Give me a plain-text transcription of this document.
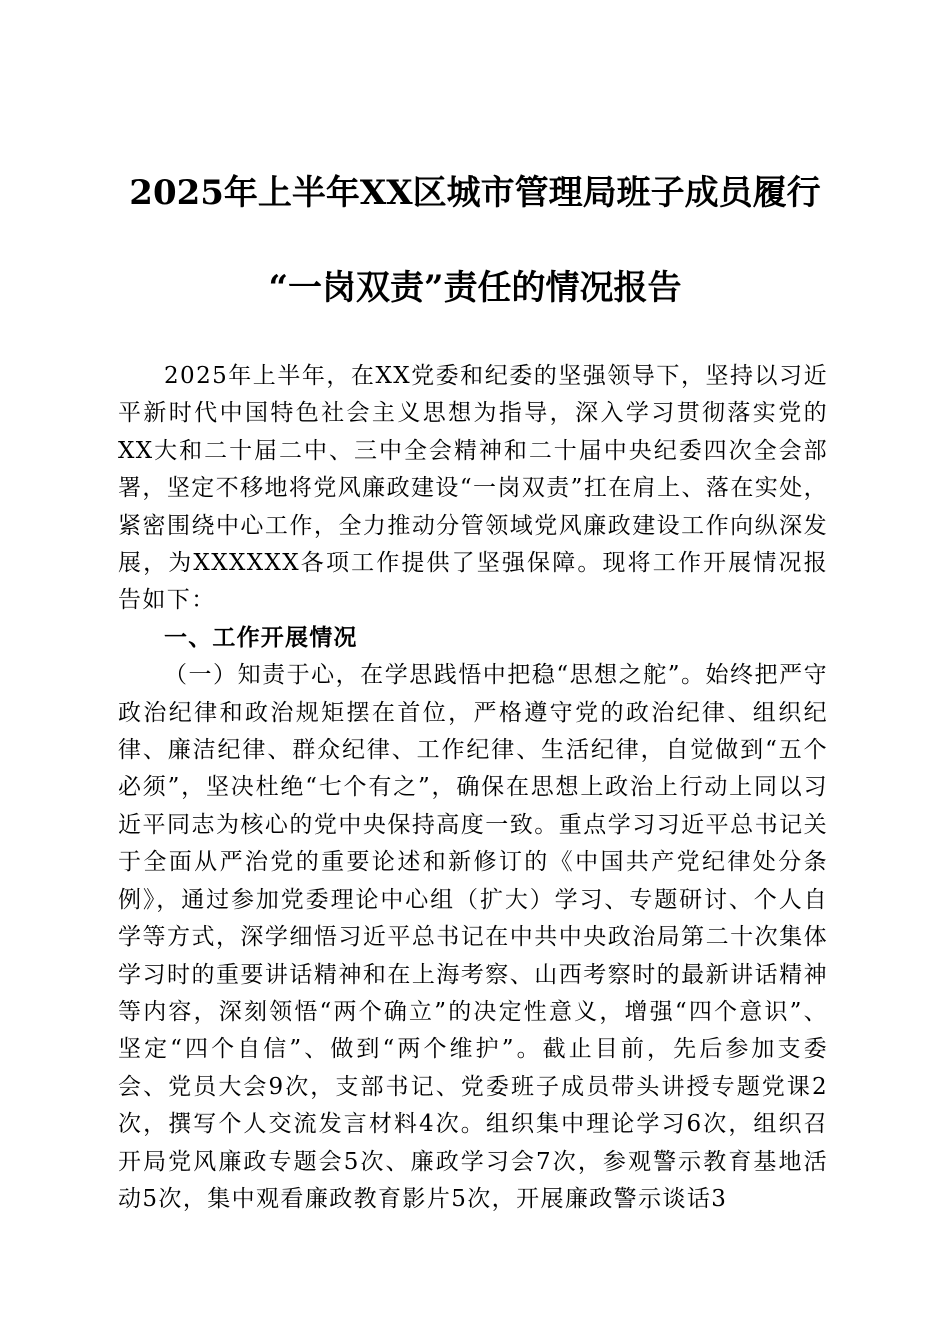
2025年上半年XX区城市管理局班子成员履行
“一岗双责”责任的情况报告

2025年上半年，在XX党委和纪委的坚强领导下，坚持以习近平新时代中国特色社会主义思想为指导，深入学习贯彻落实党的XX大和二十届二中、三中全会精神和二十届中央纪委四次全会部署，坚定不移地将党风廉政建设“一岗双责”扛在肩上、落在实处，紧密围绕中心工作，全力推动分管领域党风廉政建设工作向纵深发展，为XXXXXX各项工作提供了坚强保障。现将工作开展情况报告如下：

一、工作开展情况

（一）知责于心，在学思践悟中把稳“思想之舵”。始终把严守政治纪律和政治规矩摆在首位，严格遵守党的政治纪律、组织纪律、廉洁纪律、群众纪律、工作纪律、生活纪律，自觉做到“五个必须”，坚决杜绝“七个有之”，确保在思想上政治上行动上同以习近平同志为核心的党中央保持高度一致。重点学习习近平总书记关于全面从严治党的重要论述和新修订的《中国共产党纪律处分条例》，通过参加党委理论中心组（扩大）学习、专题研讨、个人自学等方式，深学细悟习近平总书记在中共中央政治局第二十次集体学习时的重要讲话精神和在上海考察、山西考察时的最新讲话精神等内容，深刻领悟“两个确立”的决定性意义，增强“四个意识”、坚定“四个自信”、做到“两个维护”。截止目前，先后参加支委会、党员大会9次，支部书记、党委班子成员带头讲授专题党课2次，撰写个人交流发言材料4次。组织集中理论学习6次，组织召开局党风廉政专题会5次、廉政学习会7次，参观警示教育基地活动5次，集中观看廉政教育影片5次，开展廉政警示谈话3
